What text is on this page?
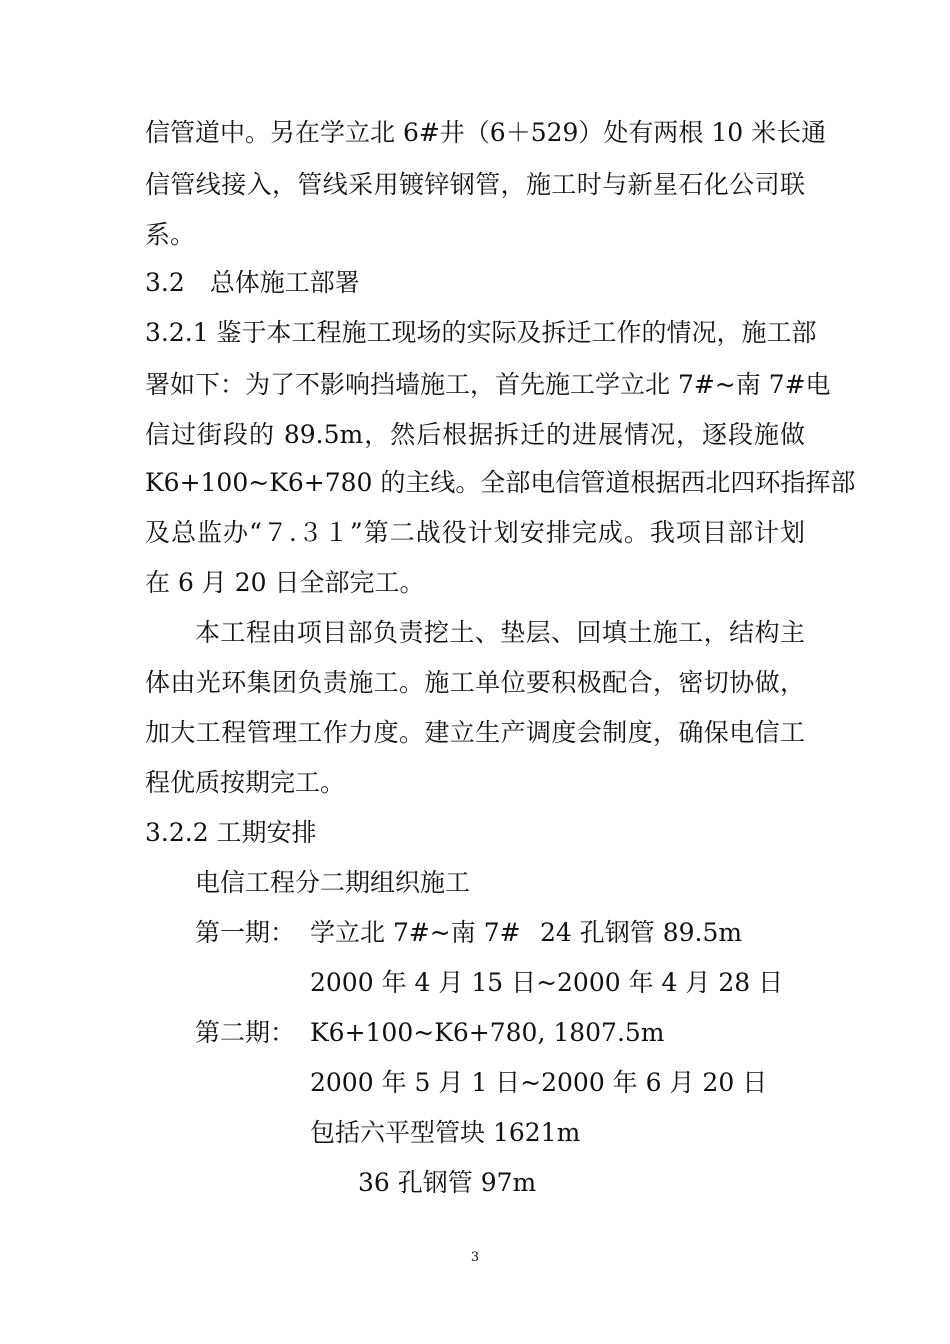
信管道中。另在学立北 6#井（6＋529）处有两根 10 米长通
信管线接入，管线采用镀锌钢管，施工时与新星石化公司联
系。
3.2　总体施工部署
3.2.1 鉴于本工程施工现场的实际及拆迁工作的情况，施工部
署如下：为了不影响挡墙施工，首先施工学立北 7#~南 7#电
信过街段的 89.5m，然后根据拆迁的进展情况，逐段施做
K6+100~K6+780 的主线。全部电信管道根据西北四环指挥部
及总监办“７.３１”第二战役计划安排完成。我项目部计划
在 6 月 20 日全部完工。
本工程由项目部负责挖土、垫层、回填土施工，结构主
体由光环集团负责施工。施工单位要积极配合，密切协做，
加大工程管理工作力度。建立生产调度会制度，确保电信工
程优质按期完工。
3.2.2 工期安排
电信工程分二期组织施工
第一期： 学立北 7#~南 7# 24 孔钢管 89.5m
2000 年 4 月 15 日~2000 年 4 月 28 日
第二期： K6+100~K6+780, 1807.5m
2000 年 5 月 1 日~2000 年 6 月 20 日
包括六平型管块 1621m
36 孔钢管 97m
3
